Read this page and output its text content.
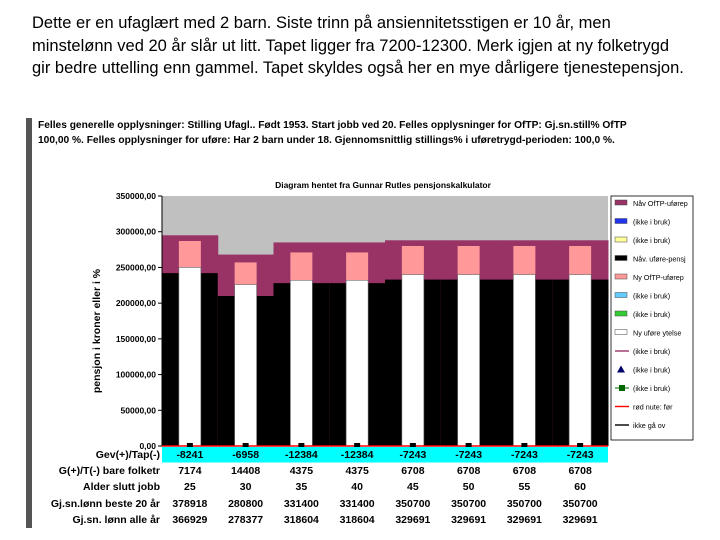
Dette er en ufaglært med 2 barn. Siste trinn på ansiennitetsstigen er 10 år, men minstelønn ved 20 år slår ut litt. Tapet ligger fra 7200-12300. Merk igjen at ny folketrygd gir bedre uttelling enn gammel. Tapet skyldes også her en mye dårligere tjenestepensjon.
Felles generelle opplysninger: Stilling Ufagl.. Født 1953. Start jobb ved 20. Felles opplysninger for OfTP: Gj.sn.still% OfTP
100,00 %. Felles opplysninger for uføre: Har 2 barn under 18. Gjennomsnittlig stillings% i uføretrygd-perioden: 100,0 %.
Diagram hentet fra Gunnar Rutles pensjonskalkulator
pensjon i kroner eller i %
0,00
50000,00
100000,00
150000,00
200000,00
250000,00
300000,00
350000,00
Gev(+)/Tap(-) -8241	-6958 -12384 -12384 -7243	-7243	-7243	-7243
G(+)/T(-) bare folketr 7174	14408	4375	4375	6708	6708	6708	6708
Alder slutt jobb 25	30	35	40	45	50	55	60
Gj.sn.lønn beste 20 år 378918 280800 331400 331400 350700 350700 350700 350700
Gj.sn. lønn alle år 366929 278377 318604 318604 329691 329691 329691 329691
Nåv OfTP-uførep
(ikke i bruk)
(ikke i bruk)
Nåv. uføre-pensj
Ny OfTP-uførep
(ikke i bruk)
(ikke i bruk)
Ny uføre ytelse
(ikke i bruk)
(ikke i bruk)
(ikke i bruk)
rød nute: før
ikke gå ov
